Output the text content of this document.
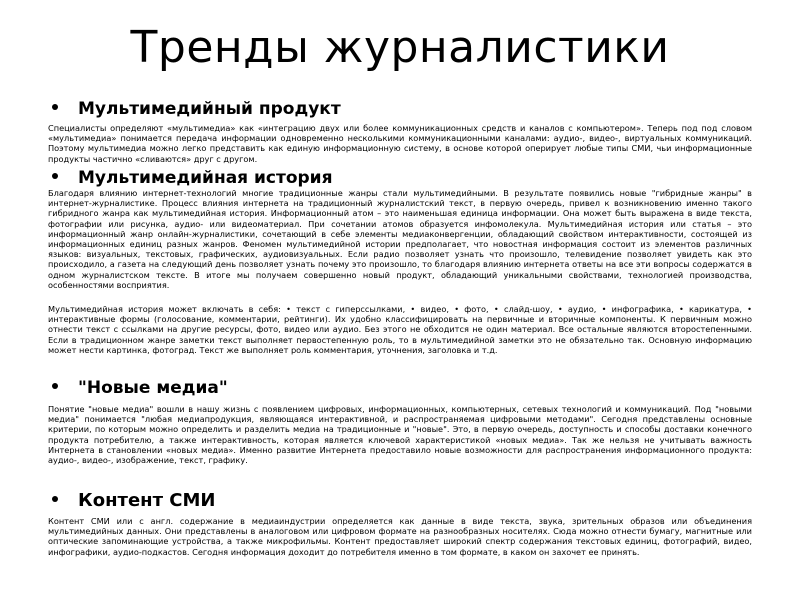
Тренды журналистики
Мультимедийный продукт

Специалисты определяют «мультимедиа» как «интеграцию двух или более коммуникационных средств и каналов с компьютером». Теперь под под словом «мультимедиа» понимается передача информации одновременно несколькими коммуникационными каналами: аудио-, видео-, виртуальных коммуникаций. Поэтому мультимедиа можно легко представить как единую информационную систему, в основе которой оперирует любые типы СМИ, чьи информационные продукты частично «сливаются» друг с другом.

Мультимедийная история

Благодаря влиянию интернет-технологий многие традиционные жанры стали мультимедийными. В результате появились новые "гибридные жанры" в интернет-журналистике. Процесс влияния интернета на традиционный журналистский текст, в первую очередь, привел к возникновению именно такого гибридного жанра как мультимедийная история. Информационный атом – это наименьшая единица информации. Она может быть выражена в виде текста, фотографии или рисунка, аудио- или видеоматериал. При сочетании атомов образуется инфомолекула. Мультимедийная история или статья – это информационный жанр онлайн-журналистики, сочетающий в себе элементы медиаконвергенции, обладающий свойством интерактивности, состоящей из информационных единиц разных жанров. Феномен мультимедийной истории предполагает, что новостная информация состоит из элементов различных языков: визуальных, текстовых, графических, аудиовизуальных. Если радио позволяет узнать что произошло, телевидение позволяет увидеть как это происходило, а газета на следующий день позволяет узнать почему это произошло, то благодаря влиянию интернета ответы на все эти вопросы содержатся в одном журналистском тексте. В итоге мы получаем совершенно новый продукт, обладающий уникальными свойствами, технологией производства, особенностями восприятия.

Мультимедийная история может включать в себя: • текст с гиперссылками, • видео, • фото, • слайд-шоу, • аудио, • инфографика, • карикатура, • интерактивные формы (голосование, комментарии, рейтинги). Их удобно классифицировать на первичные и вторичные компоненты. К первичным можно отнести текст с ссылками на другие ресурсы, фото, видео или аудио. Без этого не обходится не один материал. Все остальные являются второстепенными. Если в традиционном жанре заметки текст выполняет первостепенную роль, то в мультимедийной заметки это не обязательно так. Основную информацию может нести картинка, фотоград. Текст же выполняет роль комментария, уточнения, заголовка и т.д.

"Новые медиа"

Понятие "новые медиа" вошли в нашу жизнь с появлением цифровых, информационных, компьютерных, сетевых технологий и коммуникаций. Под "новыми медиа" понимается "любая медиапродукция, являющаяся интерактивной, и распространяемая цифровыми методами". Сегодня представлены основные критерии, по которым можно определить и разделить медиа на традиционные и "новые". Это, в первую очередь, доступность и способы доставки конечного продукта потребителю, а также интерактивность, которая является ключевой характеристикой «новых медиа». Так же нельзя не учитывать важность Интернета в становлении «новых медиа». Именно развитие Интернета предоставило новые возможности для распространения информационного продукта: аудио-, видео-, изображение, текст, графику.

Контент СМИ

Контент СМИ или с англ. содержание в медиаиндустрии определяется как данные в виде текста, звука, зрительных образов или объединения мультимедийных данных. Они представлены в аналоговом или цифровом формате на разнообразных носителях. Сюда можно отнести бумагу, магнитные или оптические запоминающие устройства, а также микрофильмы. Контент предоставляет широкий спектр содержания текстовых единиц, фотографий, видео, инфографики, аудио-подкастов. Сегодня информация доходит до потребителя именно в том формате, в каком он захочет ее принять.
